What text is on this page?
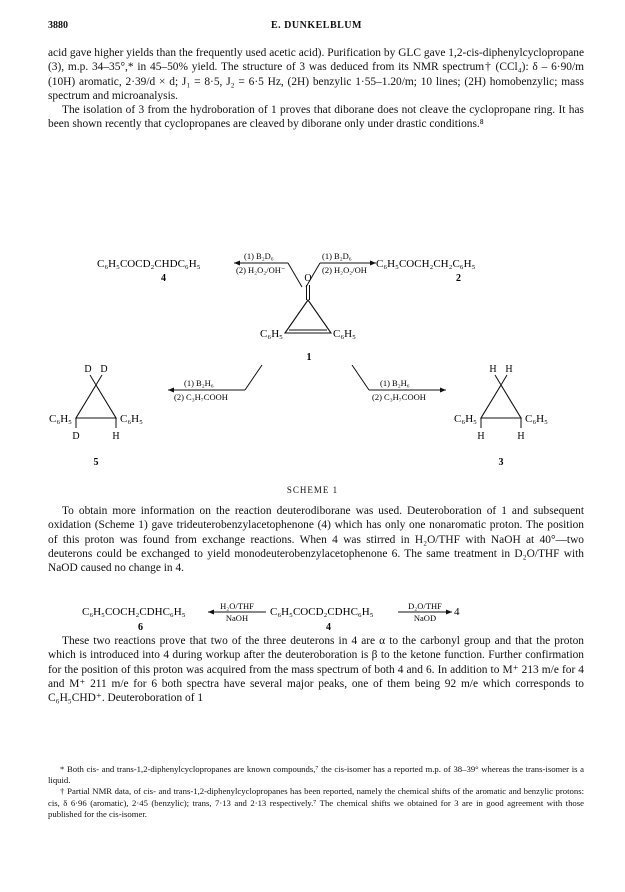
3880	E. DUNKELBLUM

acid gave higher yields than the frequently used acetic acid). Purification by GLC gave 1,2-cis-diphenylcyclopropane (3), m.p. 34–35°,* in 45–50% yield. The structure of 3 was deduced from its NMR spectrum† (CCl₄): δ – 6·90/m (10H) aromatic, 2·39/d × d; J₁ = 8·5, J₂ = 6·5 Hz, (2H) benzylic 1·55–1.20/m; 10 lines; (2H) homobenzylic; mass spectrum and microanalysis.

The isolation of 3 from the hydroboration of 1 proves that diborane does not cleave the cyclopropane ring. It has been shown recently that cyclopropanes are cleaved by diborane only under drastic conditions.⁸

C₆H₅COCD₂CHDC₆H₅
4
(1) B₂D₆
(2) H₂O₂/OH⁻
(1) B₂D₆
(2) H₂O₂/OH C₆H₅COCH₂CH₂C₆H₅
2
O
C₆H₅	C₆H₅
1
(1) B₂H₆
(2) C₃H₇COOH
(1) B₂H₆
(2) C₃H₇COOH
D D
C₆H₅	C₆H₅
D	H
5
H H
C₆H₅	C₆H₅
H	H
3
SCHEME 1

To obtain more information on the reaction deuterodiborane was used. Deuteroboration of 1 and subsequent oxidation (Scheme 1) gave trideuterobenzylacetophenone (4) which has only one nonaromatic proton. The position of this proton was found from exchange reactions. When 4 was stirred in H₂O/THF with NaOH at 40°—two deuterons could be exchanged to yield monodeuterobenzylacetophenone 6. The same treatment in D₂O/THF with NaOD caused no change in 4.

C₆H₅COCH₂CDHC₆H₅
6
H₂O/THF
NaOH C₆H₅COCD₂CDHC₆H₅
4
D₂O/THF
NaOD 4

These two reactions prove that two of the three deuterons in 4 are α to the carbonyl group and that the proton which is introduced into 4 during workup after the deuteroboration is β to the ketone function. Further confirmation for the position of this proton was acquired from the mass spectrum of both 4 and 6. In addition to M⁺ 213 m/e for 4 and M⁺ 211 m/e for 6 both spectra have several major peaks, one of them being 92 m/e which corresponds to C₆H₅CHD⁺. Deuteroboration of 1

* Both cis- and trans-1,2-diphenylcyclopropanes are known compounds,⁷ the cis-isomer has a reported m.p. of 38–39° whereas the trans-isomer is a liquid.

† Partial NMR data, of cis- and trans-1,2-diphenylcyclopropanes has been reported, namely the chemical shifts of the aromatic and benzylic protons: cis, δ 6·96 (aromatic), 2·45 (benzylic); trans, 7·13 and 2·13 respectively.⁷ The chemical shifts we obtained for 3 are in good agreement with those published for the cis-isomer.
